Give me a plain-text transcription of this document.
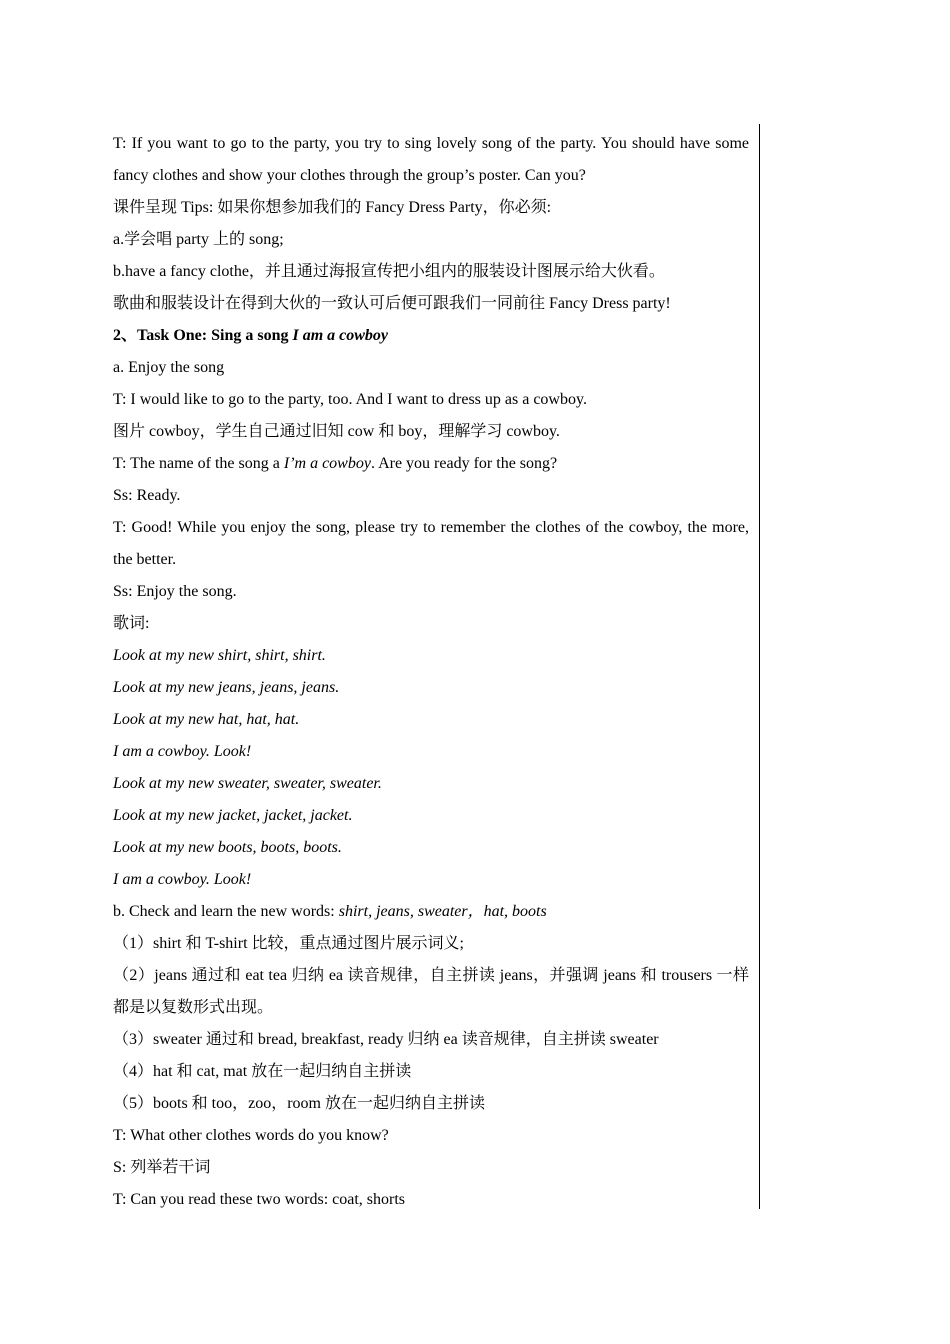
T: If you want to go to the party, you try to sing lovely song of the party. You should have some fancy clothes and show your clothes through the group’s poster. Can you?

课件呈现 Tips: 如果你想参加我们的 Fancy Dress Party，你必须:

a.学会唱 party 上的 song;

b.have a fancy clothe，并且通过海报宣传把小组内的服装设计图展示给大伙看。

歌曲和服装设计在得到大伙的一致认可后便可跟我们一同前往 Fancy Dress party!

2、Task One: Sing a song I am a cowboy

a. Enjoy the song

T: I would like to go to the party, too. And I want to dress up as a cowboy.

图片 cowboy，学生自己通过旧知 cow 和 boy，理解学习 cowboy.

T: The name of the song a I’m a cowboy. Are you ready for the song?

Ss: Ready.

T: Good! While you enjoy the song, please try to remember the clothes of the cowboy, the more, the better.

Ss: Enjoy the song.

歌词:

Look at my new shirt, shirt, shirt.

Look at my new jeans, jeans, jeans.

Look at my new hat, hat, hat.

I am a cowboy. Look!

Look at my new sweater, sweater, sweater.

Look at my new jacket, jacket, jacket.

Look at my new boots, boots, boots.

I am a cowboy. Look!

b. Check and learn the new words: shirt, jeans, sweater，hat, boots

（1）shirt 和 T-shirt 比较，重点通过图片展示词义;

（2）jeans 通过和 eat tea 归纳 ea 读音规律，自主拼读 jeans，并强调 jeans 和 trousers 一样都是以复数形式出现。

（3）sweater 通过和 bread, breakfast, ready 归纳 ea 读音规律，自主拼读 sweater

（4）hat 和 cat, mat 放在一起归纳自主拼读

（5）boots 和 too，zoo，room 放在一起归纳自主拼读

T: What other clothes words do you know?

S: 列举若干词

T: Can you read these two words: coat, shorts
